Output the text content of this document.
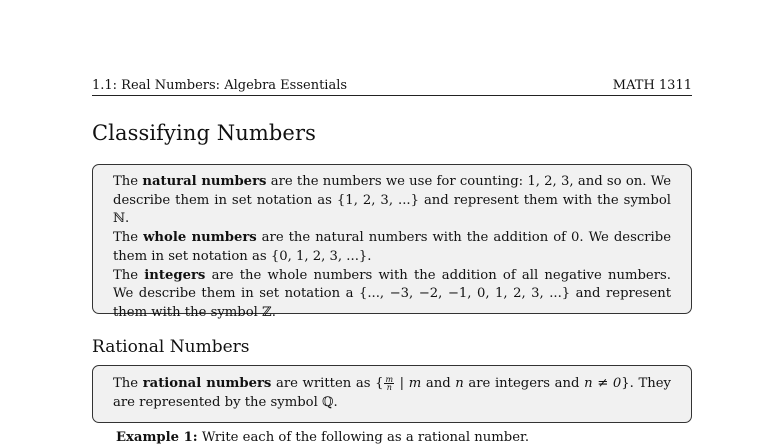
1.1: Real Numbers: Algebra Essentials	MATH 1311
Classifying Numbers

The natural numbers are the numbers we use for counting: 1, 2, 3, and so on. We describe them in set notation as {1, 2, 3, ...} and represent them with the symbol ℕ.

The whole numbers are the natural numbers with the addition of 0. We describe them in set notation as {0, 1, 2, 3, ...}.

The integers are the whole numbers with the addition of all negative numbers. We describe them in set notation a {..., −3, −2, −1, 0, 1, 2, 3, ...} and represent them with the symbol ℤ.

Rational Numbers

The rational numbers are written as { $\frac{m}{n}$ | m and n are integers and n ≠ 0}. They are represented by the symbol ℚ.

Example 1: Write each of the following as a rational number.
